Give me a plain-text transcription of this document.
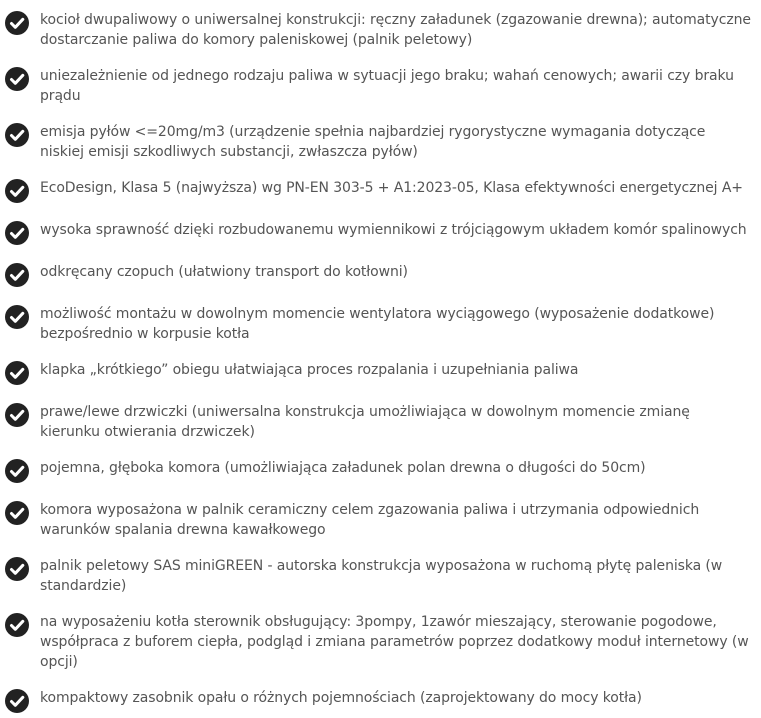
kocioł dwupaliwowy o uniwersalnej konstrukcji: ręczny załadunek (zgazowanie drewna); automatyczne dostarczanie paliwa do komory paleniskowej (palnik peletowy)
uniezależnienie od jednego rodzaju paliwa w sytuacji jego braku; wahań cenowych; awarii czy braku prądu
emisja pyłów <=20mg/m3 (urządzenie spełnia najbardziej rygorystyczne wymagania dotyczące niskiej emisji szkodliwych substancji, zwłaszcza pyłów)
EcoDesign, Klasa 5 (najwyższa) wg PN-EN 303-5 + A1:2023-05, Klasa efektywności energetycznej A+
wysoka sprawność dzięki rozbudowanemu wymiennikowi z trójciągowym układem komór spalinowych
odkręcany czopuch (ułatwiony transport do kotłowni)
możliwość montażu w dowolnym momencie wentylatora wyciągowego (wyposażenie dodatkowe) bezpośrednio w korpusie kotła
klapka „krótkiego” obiegu ułatwiająca proces rozpalania i uzupełniania paliwa
prawe/lewe drzwiczki (uniwersalna konstrukcja umożliwiająca w dowolnym momencie zmianę kierunku otwierania drzwiczek)
pojemna, głęboka komora (umożliwiająca załadunek polan drewna o długości do 50cm)
komora wyposażona w palnik ceramiczny celem zgazowania paliwa i utrzymania odpowiednich warunków spalania drewna kawałkowego
palnik peletowy SAS miniGREEN - autorska konstrukcja wyposażona w ruchomą płytę paleniska (w standardzie)
na wyposażeniu kotła sterownik obsługujący: 3pompy, 1zawór mieszający, sterowanie pogodowe, współpraca z buforem ciepła, podgląd i zmiana parametrów poprzez dodatkowy moduł internetowy (w opcji)
kompaktowy zasobnik opału o różnych pojemnościach (zaprojektowany do mocy kotła)
